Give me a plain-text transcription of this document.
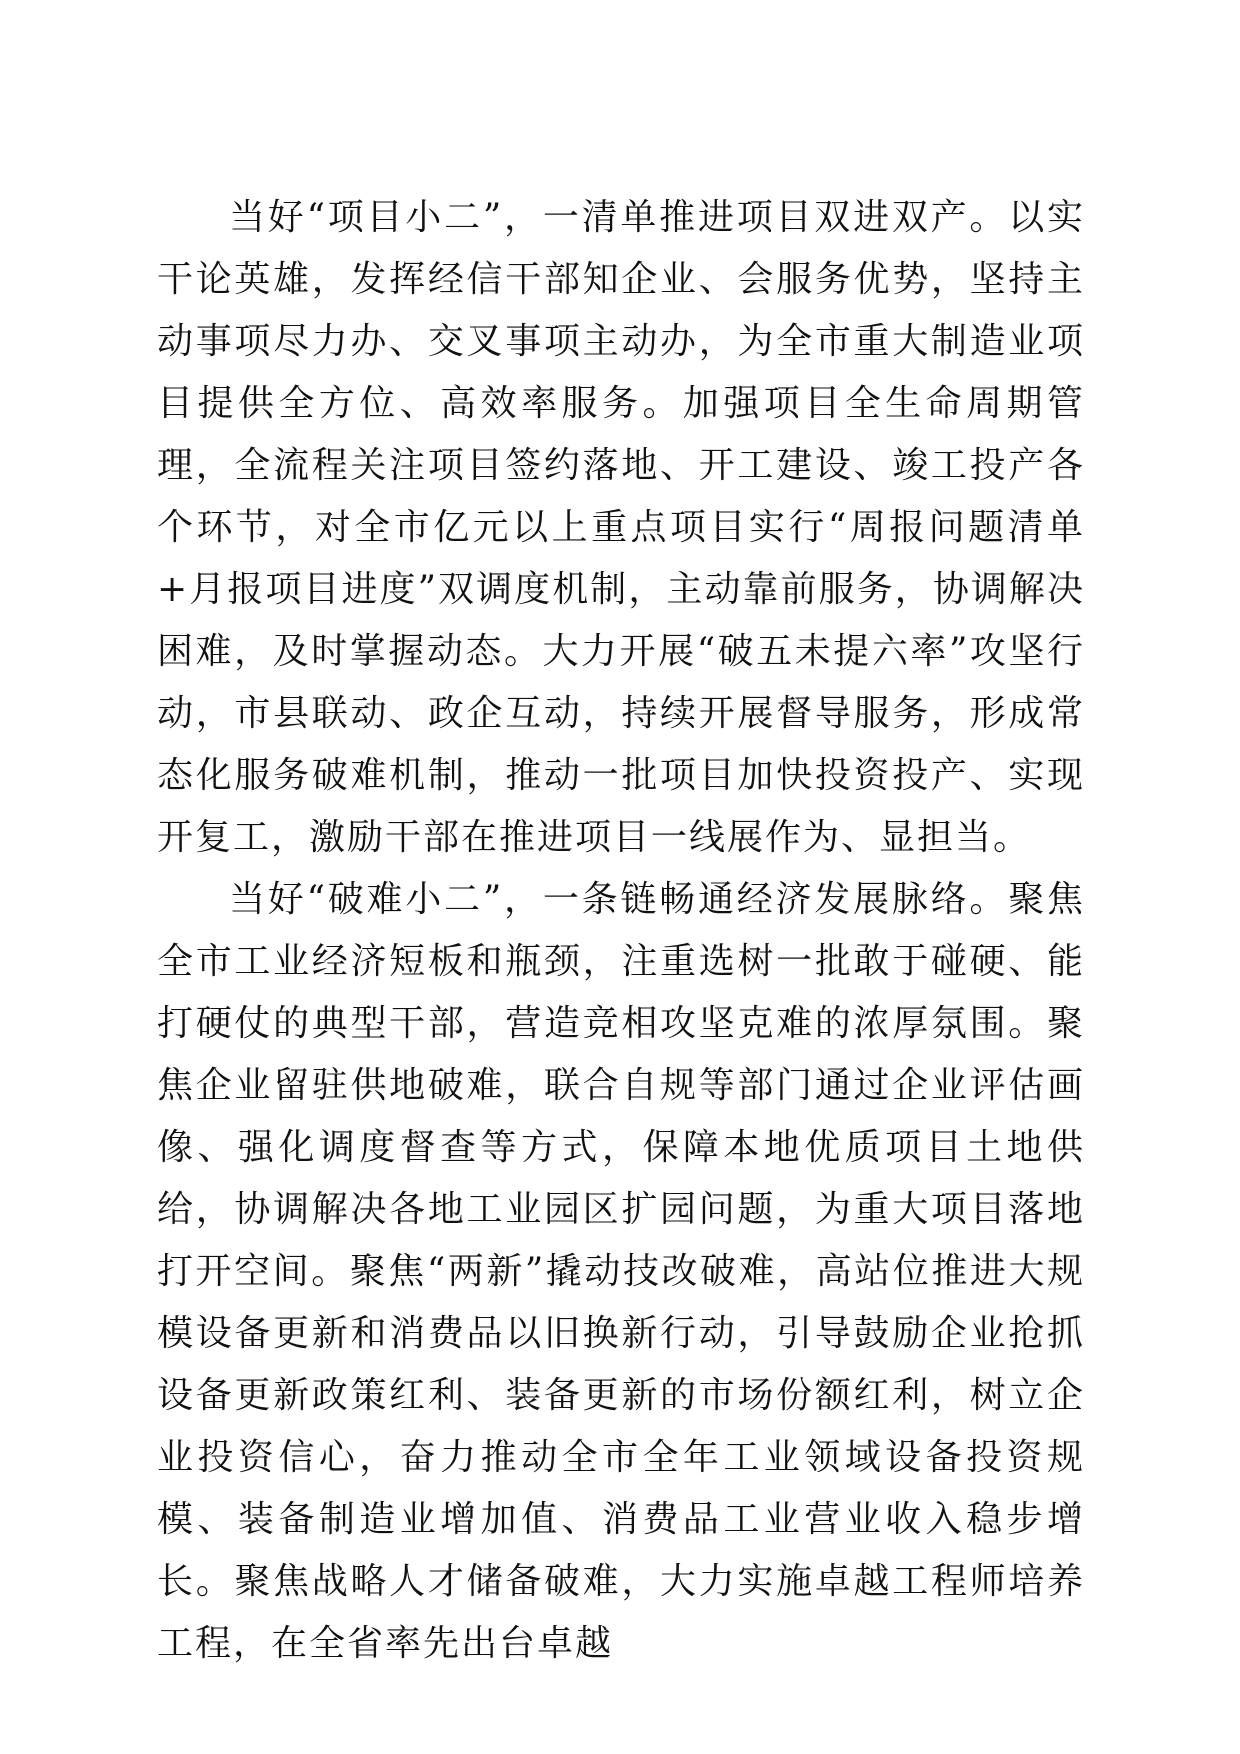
当好“项目小二”，一清单推进项目双进双产。以实干论英雄，发挥经信干部知企业、会服务优势，坚持主动事项尽力办、交叉事项主动办，为全市重大制造业项目提供全方位、高效率服务。加强项目全生命周期管理，全流程关注项目签约落地、开工建设、竣工投产各个环节，对全市亿元以上重点项目实行“周报问题清单+月报项目进度”双调度机制，主动靠前服务，协调解决困难，及时掌握动态。大力开展“破五未提六率”攻坚行动，市县联动、政企互动，持续开展督导服务，形成常态化服务破难机制，推动一批项目加快投资投产、实现开复工，激励干部在推进项目一线展作为、显担当。

当好“破难小二”，一条链畅通经济发展脉络。聚焦全市工业经济短板和瓶颈，注重选树一批敢于碰硬、能打硬仗的典型干部，营造竞相攻坚克难的浓厚氛围。聚焦企业留驻供地破难，联合自规等部门通过企业评估画像、强化调度督查等方式，保障本地优质项目土地供给，协调解决各地工业园区扩园问题，为重大项目落地打开空间。聚焦“两新”撬动技改破难，高站位推进大规模设备更新和消费品以旧换新行动，引导鼓励企业抢抓设备更新政策红利、装备更新的市场份额红利，树立企业投资信心，奋力推动全市全年工业领域设备投资规模、装备制造业增加值、消费品工业营业收入稳步增长。聚焦战略人才储备破难，大力实施卓越工程师培养工程，在全省率先出台卓越
